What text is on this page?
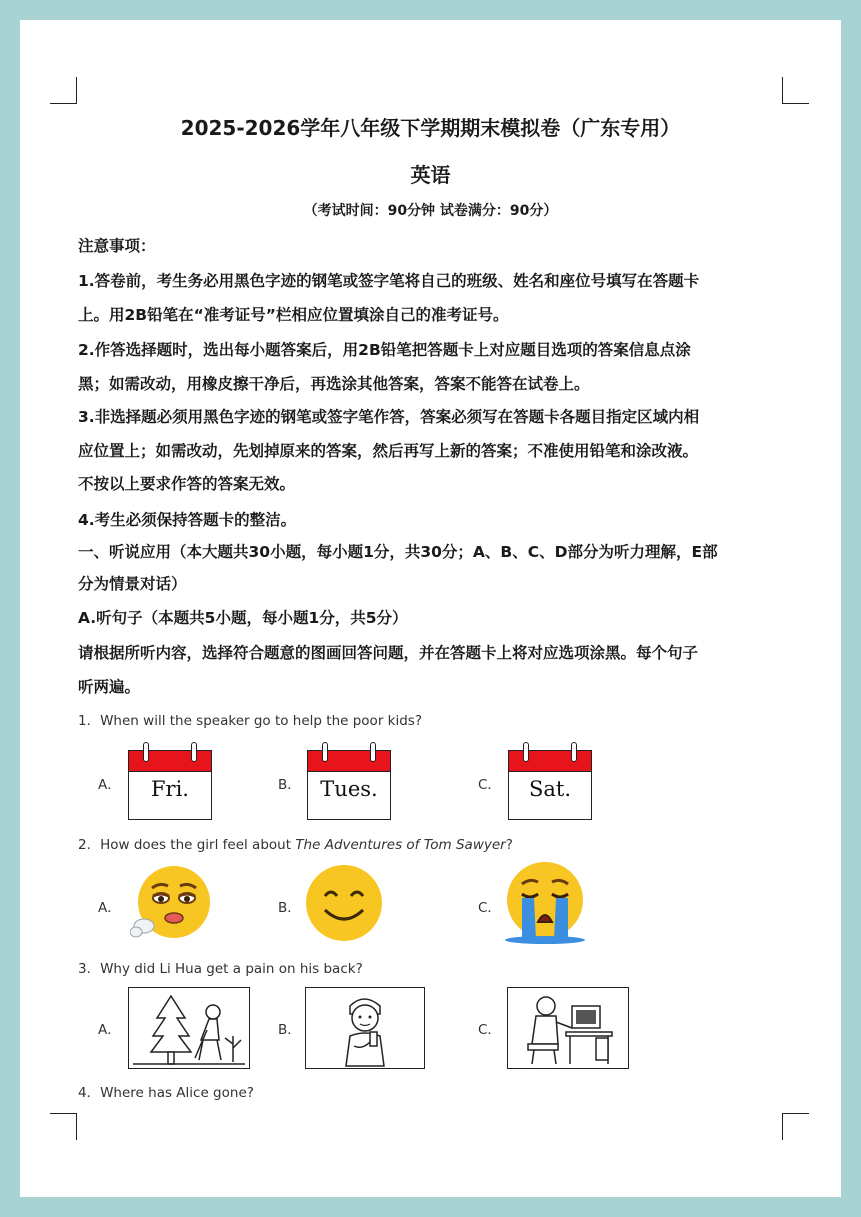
2025-2026学年八年级下学期期末模拟卷（广东专用）
英语
（考试时间：90分钟 试卷满分：90分）
注意事项：
1.答卷前，考生务必用黑色字迹的钢笔或签字笔将自己的班级、姓名和座位号填写在答题卡
上。用2B铅笔在“准考证号”栏相应位置填涂自己的准考证号。
2.作答选择题时，选出每小题答案后，用2B铅笔把答题卡上对应题目选项的答案信息点涂
黑；如需改动，用橡皮擦干净后，再选涂其他答案，答案不能答在试卷上。
3.非选择题必须用黑色字迹的钢笔或签字笔作答，答案必须写在答题卡各题目指定区域内相
应位置上；如需改动，先划掉原来的答案，然后再写上新的答案；不准使用铅笔和涂改液。
不按以上要求作答的答案无效。
4.考生必须保持答题卡的整洁。
一、听说应用（本大题共30小题，每小题1分，共30分；A、B、C、D部分为听力理解，E部
分为情景对话）
A.听句子（本题共5小题，每小题1分，共5分）
请根据所听内容，选择符合题意的图画回答问题，并在答题卡上将对应选项涂黑。每个句子
听两遍。
1．When will the speaker go to help the poor kids?
A．	Fri.	B． Tues.	C．	Sat.
2．How does the girl feel about The Adventures of Tom Sawyer?
A．	B．	C．
3．Why did Li Hua get a pain on his back?
A．	B．	C．
4．Where has Alice gone?
